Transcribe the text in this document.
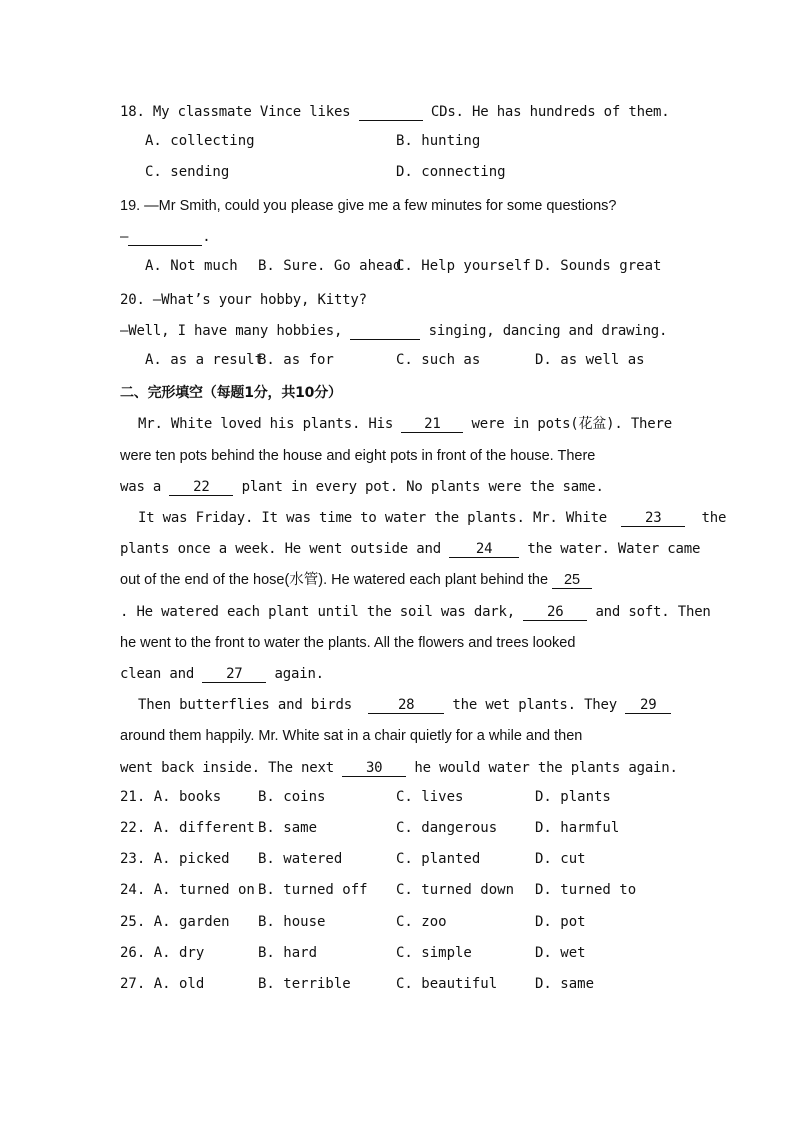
18. My classmate Vince likes	CDs. He has hundreds of them.
A. collecting	B. hunting
C. sending	D. connecting
19. —Mr Smith, could you please give me a few minutes for some questions?
—	.
A. Not much B. Sure. Go ahead
C. Help yourself D. Sounds great
20. —What’s your hobby, Kitty?
—Well, I have many hobbies,	singing, dancing and drawing.
A. as a result
B. as for	C. such as	D. as well as
二、完形填空（每题1分，共10分）
Mr. White loved his plants. His 21 were in pots(花盆). There
were ten pots behind the house and eight pots in front of the house. There
was a 22 plant in every pot. No plants were the same.
It was Friday. It was time to water the plants. Mr. White 23 the
plants once a week. He went outside and 24 the water. Water came
out of the end of the hose(水管). He watered each plant behind the 25
. He watered each plant until the soil was dark, 26 and soft. Then
he went to the front to water the plants. All the flowers and trees looked
clean and 27 again.
Then butterflies and birds	28 the wet plants. They 29
around them happily. Mr. White sat in a chair quietly for a while and then
went back inside. The next 30 he would water the plants again.
21. A. books	B. coins	C. lives	D. plants
22. A. different B. same	C. dangerous	D. harmful
23. A. picked B. watered	C. planted	D. cut
24. A. turned on B. turned off C. turned down D. turned to
25. A. garden B. house	C. zoo	D. pot
26. A. dry	B. hard	C. simple	D. wet
27. A. old	B. terrible	C. beautiful	D. same
